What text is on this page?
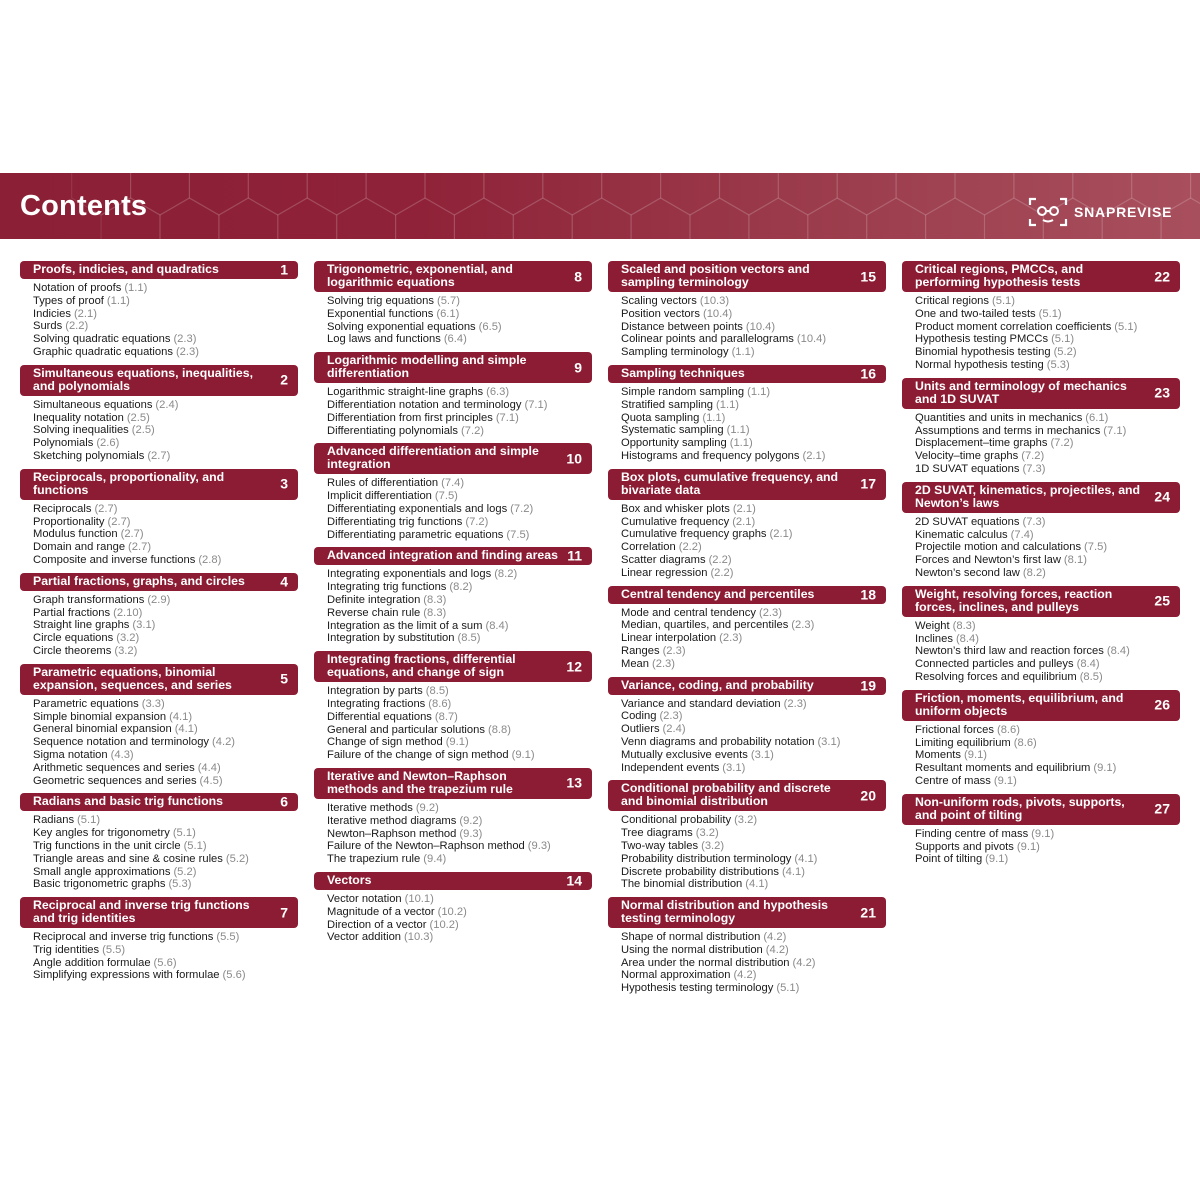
Contents	SNAPREVISE
Proofs, indicies, and quadratics	1
Notation of proofs (1.1)
Types of proof (1.1)
Indicies (2.1)
Surds (2.2)
Solving quadratic equations (2.3)
Graphic quadratic equations (2.3)
Simultaneous equations, inequalities, and polynomials	2
Simultaneous equations (2.4)
Inequality notation (2.5)
Solving inequalities (2.5)
Polynomials (2.6)
Sketching polynomials (2.7)
Reciprocals, proportionality, and functions	3
Reciprocals (2.7)
Proportionality (2.7)
Modulus function (2.7)
Domain and range (2.7)
Composite and inverse functions (2.8)
Partial fractions, graphs, and circles	4
Graph transformations (2.9)
Partial fractions (2.10)
Straight line graphs (3.1)
Circle equations (3.2)
Circle theorems (3.2)
Parametric equations, binomial expansion, sequences, and series	5
Parametric equations (3.3)
Simple binomial expansion (4.1)
General binomial expansion (4.1)
Sequence notation and terminology (4.2)
Sigma notation (4.3)
Arithmetic sequences and series (4.4)
Geometric sequences and series (4.5)
Radians and basic trig functions	6
Radians (5.1)
Key angles for trigonometry (5.1)
Trig functions in the unit circle (5.1)
Triangle areas and sine & cosine rules (5.2)
Small angle approximations (5.2)
Basic trigonometric graphs (5.3)
Reciprocal and inverse trig functions and trig identities	7
Reciprocal and inverse trig functions (5.5)
Trig identities (5.5)
Angle addition formulae (5.6)
Simplifying expressions with formulae (5.6)
Trigonometric, exponential, and logarithmic equations	8
Solving trig equations (5.7)
Exponential functions (6.1)
Solving exponential equations (6.5)
Log laws and functions (6.4)
Logarithmic modelling and simple differentiation	9
Logarithmic straight-line graphs (6.3)
Differentiation notation and terminology (7.1)
Differentiation from first principles (7.1)
Differentiating polynomials (7.2)
Advanced differentiation and simple integration	10
Rules of differentiation (7.4)
Implicit differentiation (7.5)
Differentiating exponentials and logs (7.2)
Differentiating trig functions (7.2)
Differentiating parametric equations (7.5)
Advanced integration and finding areas 11
Integrating exponentials and logs (8.2)
Integrating trig functions (8.2)
Definite integration (8.3)
Reverse chain rule (8.3)
Integration as the limit of a sum (8.4)
Integration by substitution (8.5)
Integrating fractions, differential equations, and change of sign	12
Integration by parts (8.5)
Integrating fractions (8.6)
Differential equations (8.7)
General and particular solutions (8.8)
Change of sign method (9.1)
Failure of the change of sign method (9.1)
Iterative and Newton–Raphson methods and the trapezium rule	13
Iterative methods (9.2)
Iterative method diagrams (9.2)
Newton–Raphson method (9.3)
Failure of the Newton–Raphson method (9.3)
The trapezium rule (9.4)
Vectors	14
Vector notation (10.1)
Magnitude of a vector (10.2)
Direction of a vector (10.2)
Vector addition (10.3)
Scaled and position vectors and sampling terminology	15
Scaling vectors (10.3)
Position vectors (10.4)
Distance between points (10.4)
Colinear points and parallelograms (10.4)
Sampling terminology (1.1)
Sampling techniques	16
Simple random sampling (1.1)
Stratified sampling (1.1)
Quota sampling (1.1)
Systematic sampling (1.1)
Opportunity sampling (1.1)
Histograms and frequency polygons (2.1)
Box plots, cumulative frequency, and bivariate data	17
Box and whisker plots (2.1)
Cumulative frequency (2.1)
Cumulative frequency graphs (2.1)
Correlation (2.2)
Scatter diagrams (2.2)
Linear regression (2.2)
Central tendency and percentiles	18
Mode and central tendency (2.3)
Median, quartiles, and percentiles (2.3)
Linear interpolation (2.3)
Ranges (2.3)
Mean (2.3)
Variance, coding, and probability	19
Variance and standard deviation (2.3)
Coding (2.3)
Outliers (2.4)
Venn diagrams and probability notation (3.1)
Mutually exclusive events (3.1)
Independent events (3.1)
Conditional probability and discrete and binomial distribution	20
Conditional probability (3.2)
Tree diagrams (3.2)
Two-way tables (3.2)
Probability distribution terminology (4.1)
Discrete probability distributions (4.1)
The binomial distribution (4.1)
Normal distribution and hypothesis testing terminology	21
Shape of normal distribution (4.2)
Using the normal distribution (4.2)
Area under the normal distribution (4.2)
Normal approximation (4.2)
Hypothesis testing terminology (5.1)
Critical regions, PMCCs, and performing hypothesis tests	22
Critical regions (5.1)
One and two-tailed tests (5.1)
Product moment correlation coefficients (5.1)
Hypothesis testing PMCCs (5.1)
Binomial hypothesis testing (5.2)
Normal hypothesis testing (5.3)
Units and terminology of mechanics and 1D SUVAT	23
Quantities and units in mechanics (6.1)
Assumptions and terms in mechanics (7.1)
Displacement–time graphs (7.2)
Velocity–time graphs (7.2)
1D SUVAT equations (7.3)
2D SUVAT, kinematics, projectiles, and Newton’s laws	24
2D SUVAT equations (7.3)
Kinematic calculus (7.4)
Projectile motion and calculations (7.5)
Forces and Newton’s first law (8.1)
Newton’s second law (8.2)
Weight, resolving forces, reaction forces, inclines, and pulleys	25
Weight (8.3)
Inclines (8.4)
Newton’s third law and reaction forces (8.4)
Connected particles and pulleys (8.4)
Resolving forces and equilibrium (8.5)
Friction, moments, equilibrium, and uniform objects	26
Frictional forces (8.6)
Limiting equilibrium (8.6)
Moments (9.1)
Resultant moments and equilibrium (9.1)
Centre of mass (9.1)
Non-uniform rods, pivots, supports, and point of tilting	27
Finding centre of mass (9.1)
Supports and pivots (9.1)
Point of tilting (9.1)
